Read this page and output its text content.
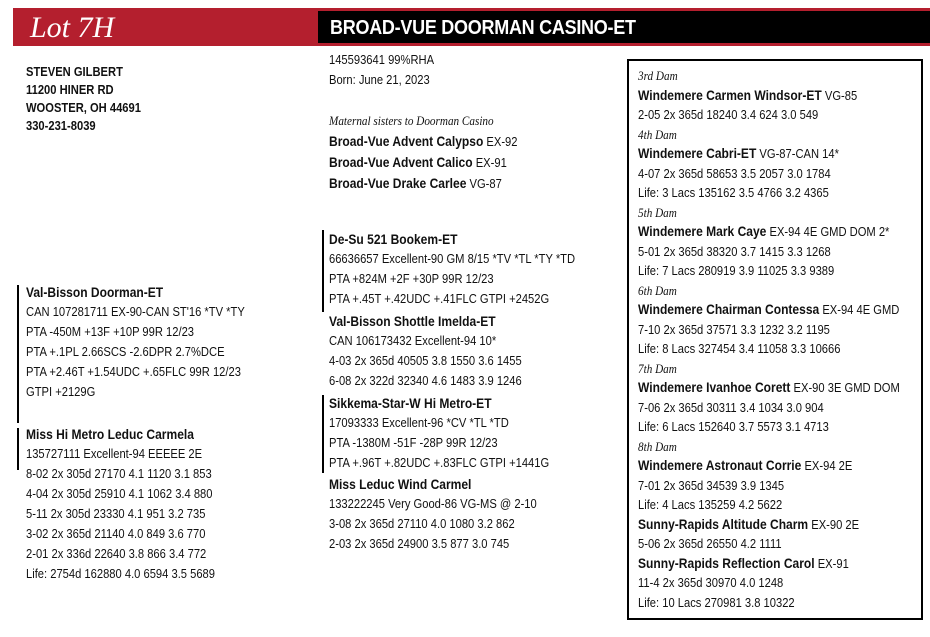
Lot 7H	BROAD-VUE DOORMAN CASINO-ET
STEVEN GILBERT
11200 HINER RD
WOOSTER, OH 44691
330-231-8039
145593641 99%RHA
Born: June 21, 2023
Maternal sisters to Doorman Casino
Broad-Vue Advent Calypso EX-92
Broad-Vue Advent Calico EX-91
Broad-Vue Drake Carlee VG-87
Val-Bisson Doorman-ET
CAN 107281711 EX-90-CAN ST'16 *TV *TY
PTA -450M +13F +10P 99R 12/23
PTA +.1PL 2.66SCS -2.6DPR 2.7%DCE
PTA +2.46T +1.54UDC +.65FLC 99R 12/23
GTPI +2129G
Miss Hi Metro Leduc Carmela
135727111 Excellent-94 EEEEE 2E
8-02 2x 305d 27170 4.1 1120 3.1 853
4-04 2x 305d 25910 4.1 1062 3.4 880
5-11 2x 305d 23330 4.1 951 3.2 735
3-02 2x 365d 21140 4.0 849 3.6 770
2-01 2x 336d 22640 3.8 866 3.4 772
Life: 2754d 162880 4.0 6594 3.5 5689
De-Su 521 Bookem-ET
66636657 Excellent-90 GM 8/15 *TV *TL *TY *TD
PTA +824M +2F +30P 99R 12/23
PTA +.45T +.42UDC +.41FLC GTPI +2452G
Val-Bisson Shottle Imelda-ET
CAN 106173432 Excellent-94 10*
4-03 2x 365d 40505 3.8 1550 3.6 1455
6-08 2x 322d 32340 4.6 1483 3.9 1246
Sikkema-Star-W Hi Metro-ET
17093333 Excellent-96 *CV *TL *TD
PTA -1380M -51F -28P 99R 12/23
PTA +.96T +.82UDC +.83FLC GTPI +1441G
Miss Leduc Wind Carmel
133222245 Very Good-86 VG-MS @ 2-10
3-08 2x 365d 27110 4.0 1080 3.2 862
2-03 2x 365d 24900 3.5 877 3.0 745
3rd Dam
Windemere Carmen Windsor-ET VG-85
2-05 2x 365d 18240 3.4 624 3.0 549
4th Dam
Windemere Cabri-ET VG-87-CAN 14*
4-07 2x 365d 58653 3.5 2057 3.0 1784
Life: 3 Lacs 135162 3.5 4766 3.2 4365
5th Dam
Windemere Mark Caye EX-94 4E GMD DOM 2*
5-01 2x 365d 38320 3.7 1415 3.3 1268
Life: 7 Lacs 280919 3.9 11025 3.3 9389
6th Dam
Windemere Chairman Contessa EX-94 4E GMD
7-10 2x 365d 37571 3.3 1232 3.2 1195
Life: 8 Lacs 327454 3.4 11058 3.3 10666
7th Dam
Windemere Ivanhoe Corett EX-90 3E GMD DOM
7-06 2x 365d 30311 3.4 1034 3.0 904
Life: 6 Lacs 152640 3.7 5573 3.1 4713
8th Dam
Windemere Astronaut Corrie EX-94 2E
7-01 2x 365d 34539 3.9 1345
Life: 4 Lacs 135259 4.2 5622
Sunny-Rapids Altitude Charm EX-90 2E
5-06 2x 365d 26550 4.2 1111
Sunny-Rapids Reflection Carol EX-91
11-4 2x 365d 30970 4.0 1248
Life: 10 Lacs 270981 3.8 10322
